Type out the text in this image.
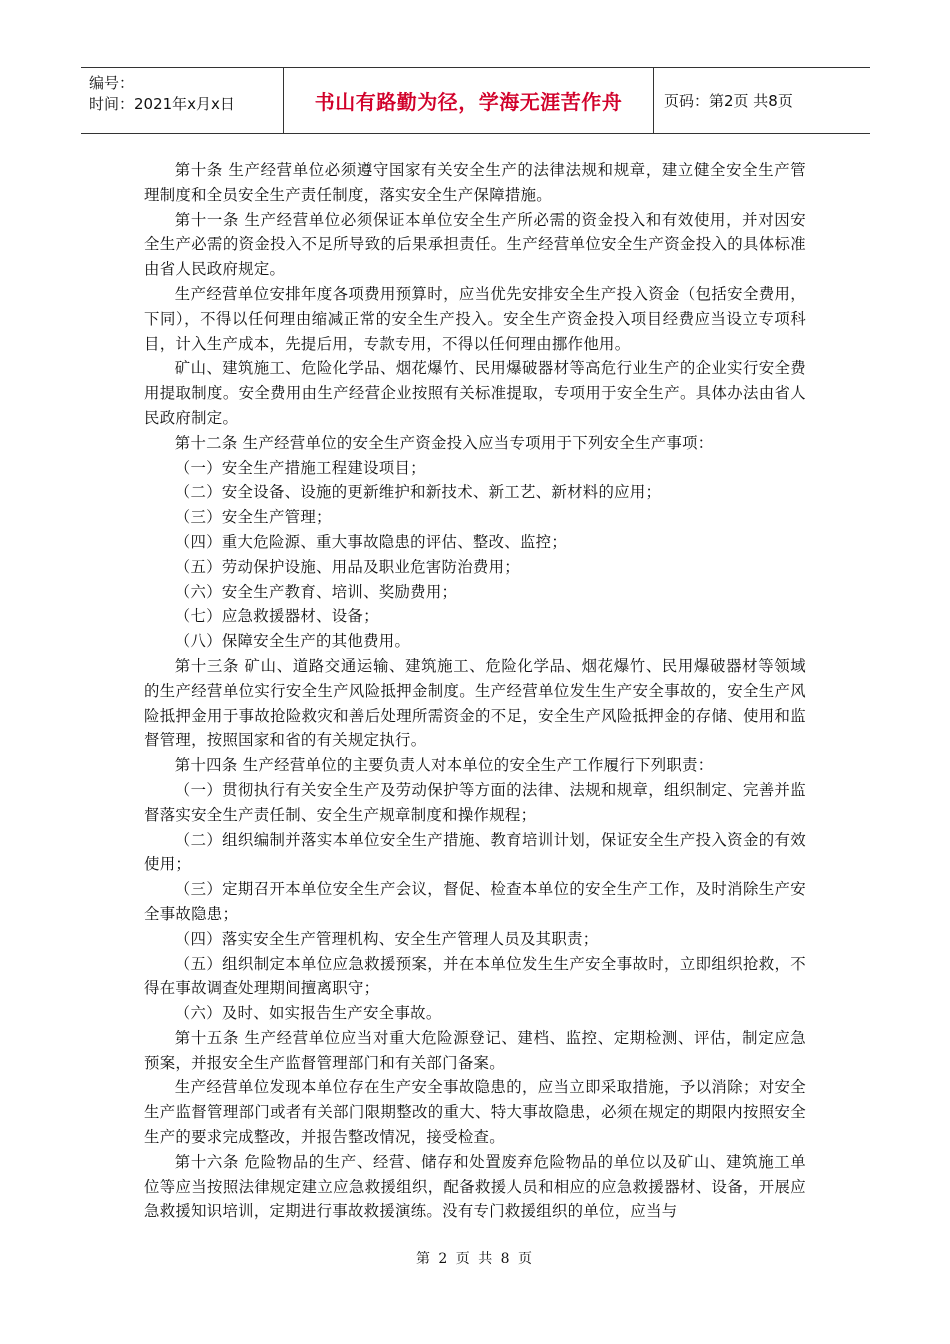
编号：
时间：2021年x月x日	书山有路勤为径，学海无涯苦作舟	页码：第2页 共8页

第十条 生产经营单位必须遵守国家有关安全生产的法律法规和规章，建立健全安全生产管理制度和全员安全生产责任制度，落实安全生产保障措施。

第十一条 生产经营单位必须保证本单位安全生产所必需的资金投入和有效使用，并对因安全生产必需的资金投入不足所导致的后果承担责任。生产经营单位安全生产资金投入的具体标准由省人民政府规定。

生产经营单位安排年度各项费用预算时，应当优先安排安全生产投入资金（包括安全费用，下同），不得以任何理由缩减正常的安全生产投入。安全生产资金投入项目经费应当设立专项科目，计入生产成本，先提后用，专款专用，不得以任何理由挪作他用。

矿山、建筑施工、危险化学品、烟花爆竹、民用爆破器材等高危行业生产的企业实行安全费用提取制度。安全费用由生产经营企业按照有关标准提取，专项用于安全生产。具体办法由省人民政府制定。

第十二条 生产经营单位的安全生产资金投入应当专项用于下列安全生产事项：

（一）安全生产措施工程建设项目；

（二）安全设备、设施的更新维护和新技术、新工艺、新材料的应用；

（三）安全生产管理；

（四）重大危险源、重大事故隐患的评估、整改、监控；

（五）劳动保护设施、用品及职业危害防治费用；

（六）安全生产教育、培训、奖励费用；

（七）应急救援器材、设备；

（八）保障安全生产的其他费用。

第十三条 矿山、道路交通运输、建筑施工、危险化学品、烟花爆竹、民用爆破器材等领域的生产经营单位实行安全生产风险抵押金制度。生产经营单位发生生产安全事故的，安全生产风险抵押金用于事故抢险救灾和善后处理所需资金的不足，安全生产风险抵押金的存储、使用和监督管理，按照国家和省的有关规定执行。

第十四条 生产经营单位的主要负责人对本单位的安全生产工作履行下列职责：

（一）贯彻执行有关安全生产及劳动保护等方面的法律、法规和规章，组织制定、完善并监督落实安全生产责任制、安全生产规章制度和操作规程；

（二）组织编制并落实本单位安全生产措施、教育培训计划，保证安全生产投入资金的有效使用；

（三）定期召开本单位安全生产会议，督促、检查本单位的安全生产工作，及时消除生产安全事故隐患；

（四）落实安全生产管理机构、安全生产管理人员及其职责；

（五）组织制定本单位应急救援预案，并在本单位发生生产安全事故时，立即组织抢救，不得在事故调查处理期间擅离职守；

（六）及时、如实报告生产安全事故。

第十五条 生产经营单位应当对重大危险源登记、建档、监控、定期检测、评估，制定应急预案，并报安全生产监督管理部门和有关部门备案。

生产经营单位发现本单位存在生产安全事故隐患的，应当立即采取措施，予以消除；对安全生产监督管理部门或者有关部门限期整改的重大、特大事故隐患，必须在规定的期限内按照安全生产的要求完成整改，并报告整改情况，接受检查。

第十六条 危险物品的生产、经营、储存和处置废弃危险物品的单位以及矿山、建筑施工单位等应当按照法律规定建立应急救援组织，配备救援人员和相应的应急救援器材、设备，开展应急救援知识培训，定期进行事故救援演练。没有专门救援组织的单位，应当与

第 2 页 共 8 页
